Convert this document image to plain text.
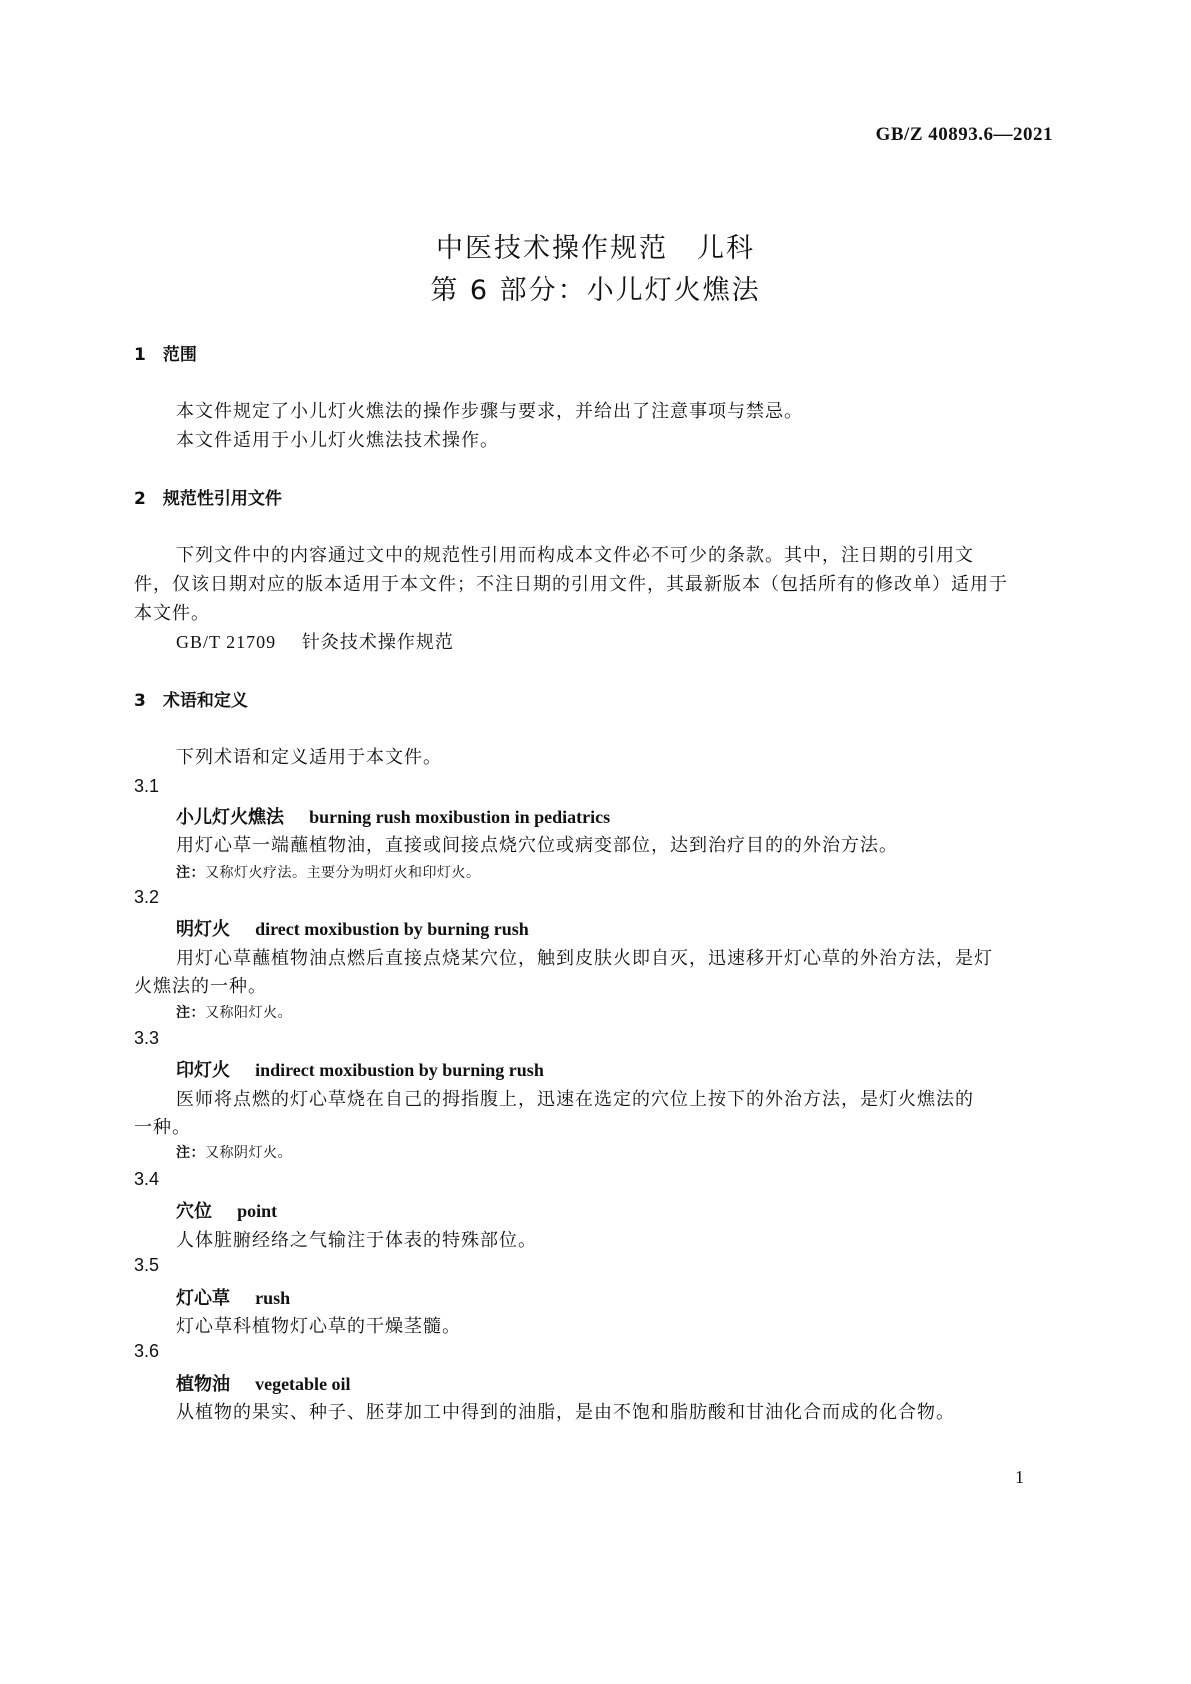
GB/Z 40893.6—2021
中医技术操作规范　儿科
第 6 部分：小儿灯火燋法
1　范围
本文件规定了小儿灯火燋法的操作步骤与要求，并给出了注意事项与禁忌。
本文件适用于小儿灯火燋法技术操作。
2　规范性引用文件
下列文件中的内容通过文中的规范性引用而构成本文件必不可少的条款。其中，注日期的引用文
件，仅该日期对应的版本适用于本文件；不注日期的引用文件，其最新版本（包括所有的修改单）适用于
本文件。
GB/T 21709　 针灸技术操作规范
3　术语和定义
下列术语和定义适用于本文件。
3.1
小儿灯火燋法 burning rush moxibustion in pediatrics
用灯心草一端蘸植物油，直接或间接点烧穴位或病变部位，达到治疗目的的外治方法。
注：又称灯火疗法。主要分为明灯火和印灯火。
3.2
明灯火 direct moxibustion by burning rush
用灯心草蘸植物油点燃后直接点烧某穴位，触到皮肤火即自灭，迅速移开灯心草的外治方法，是灯
火燋法的一种。
注：又称阳灯火。
3.3
印灯火 indirect moxibustion by burning rush
医师将点燃的灯心草烧在自己的拇指腹上，迅速在选定的穴位上按下的外治方法，是灯火燋法的
一种。
注：又称阴灯火。
3.4
穴位 point
人体脏腑经络之气输注于体表的特殊部位。
3.5
灯心草 rush
灯心草科植物灯心草的干燥茎髓。
3.6
植物油 vegetable oil
从植物的果实、种子、胚芽加工中得到的油脂，是由不饱和脂肪酸和甘油化合而成的化合物。
1
